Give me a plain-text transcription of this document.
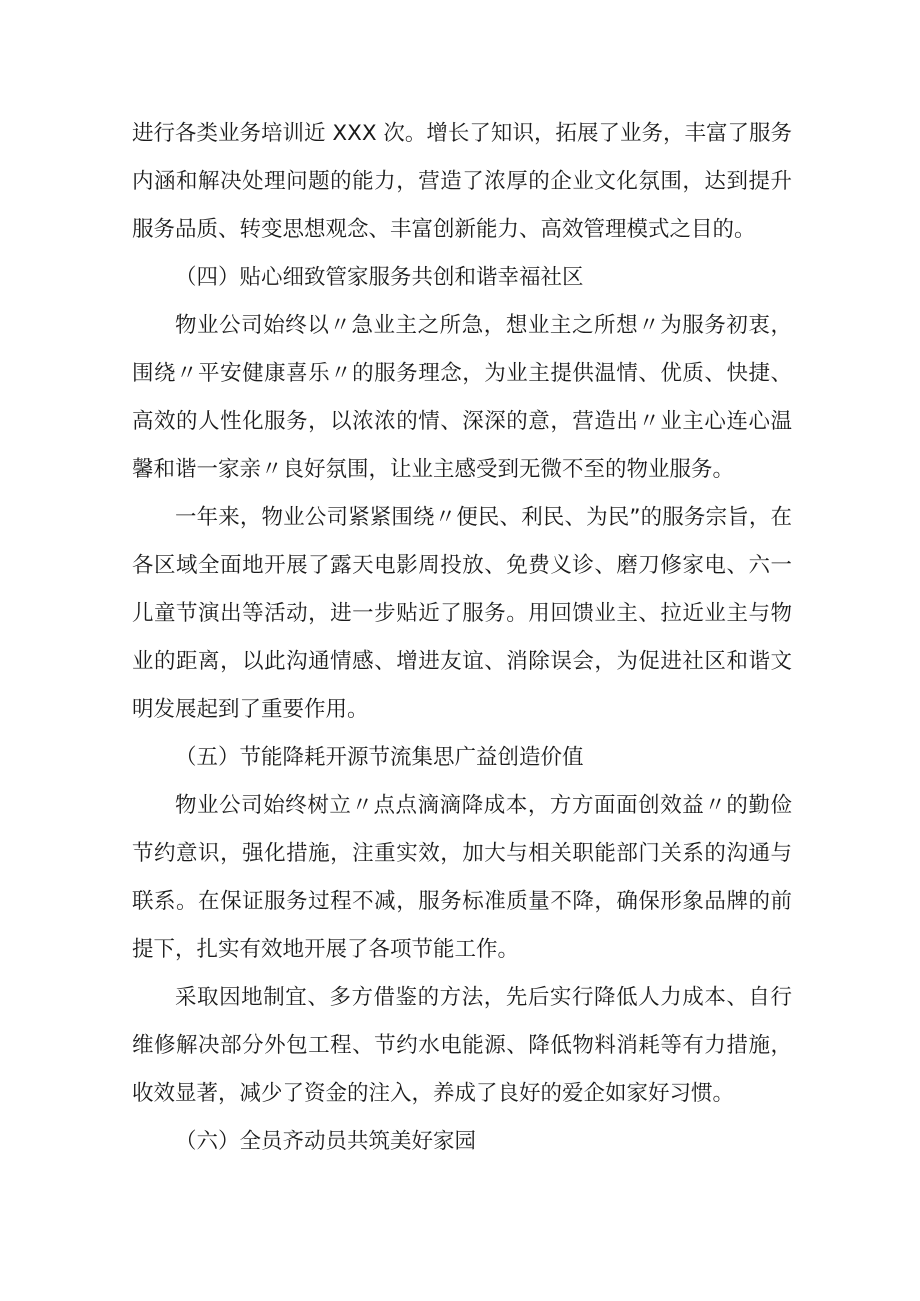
进行各类业务培训近 XXX 次。增长了知识，拓展了业务，丰富了服务内涵和解决处理问题的能力，营造了浓厚的企业文化氛围，达到提升服务品质、转变思想观念、丰富创新能力、高效管理模式之目的。

（四）贴心细致管家服务共创和谐幸福社区

物业公司始终以〃急业主之所急，想业主之所想〃为服务初衷，围绕〃平安健康喜乐〃的服务理念，为业主提供温情、优质、快捷、高效的人性化服务，以浓浓的情、深深的意，营造出〃业主心连心温馨和谐一家亲〃良好氛围，让业主感受到无微不至的物业服务。

一年来，物业公司紧紧围绕〃便民、利民、为民”的服务宗旨，在各区域全面地开展了露天电影周投放、免费义诊、磨刀修家电、六一儿童节演出等活动，进一步贴近了服务。用回馈业主、拉近业主与物业的距离，以此沟通情感、增进友谊、消除误会，为促进社区和谐文明发展起到了重要作用。

（五）节能降耗开源节流集思广益创造价值

物业公司始终树立〃点点滴滴降成本，方方面面创效益〃的勤俭节约意识，强化措施，注重实效，加大与相关职能部门关系的沟通与联系。在保证服务过程不减，服务标准质量不降，确保形象品牌的前提下，扎实有效地开展了各项节能工作。

采取因地制宜、多方借鉴的方法，先后实行降低人力成本、自行维修解决部分外包工程、节约水电能源、降低物料消耗等有力措施，收效显著，减少了资金的注入，养成了良好的爱企如家好习惯。

（六）全员齐动员共筑美好家园
